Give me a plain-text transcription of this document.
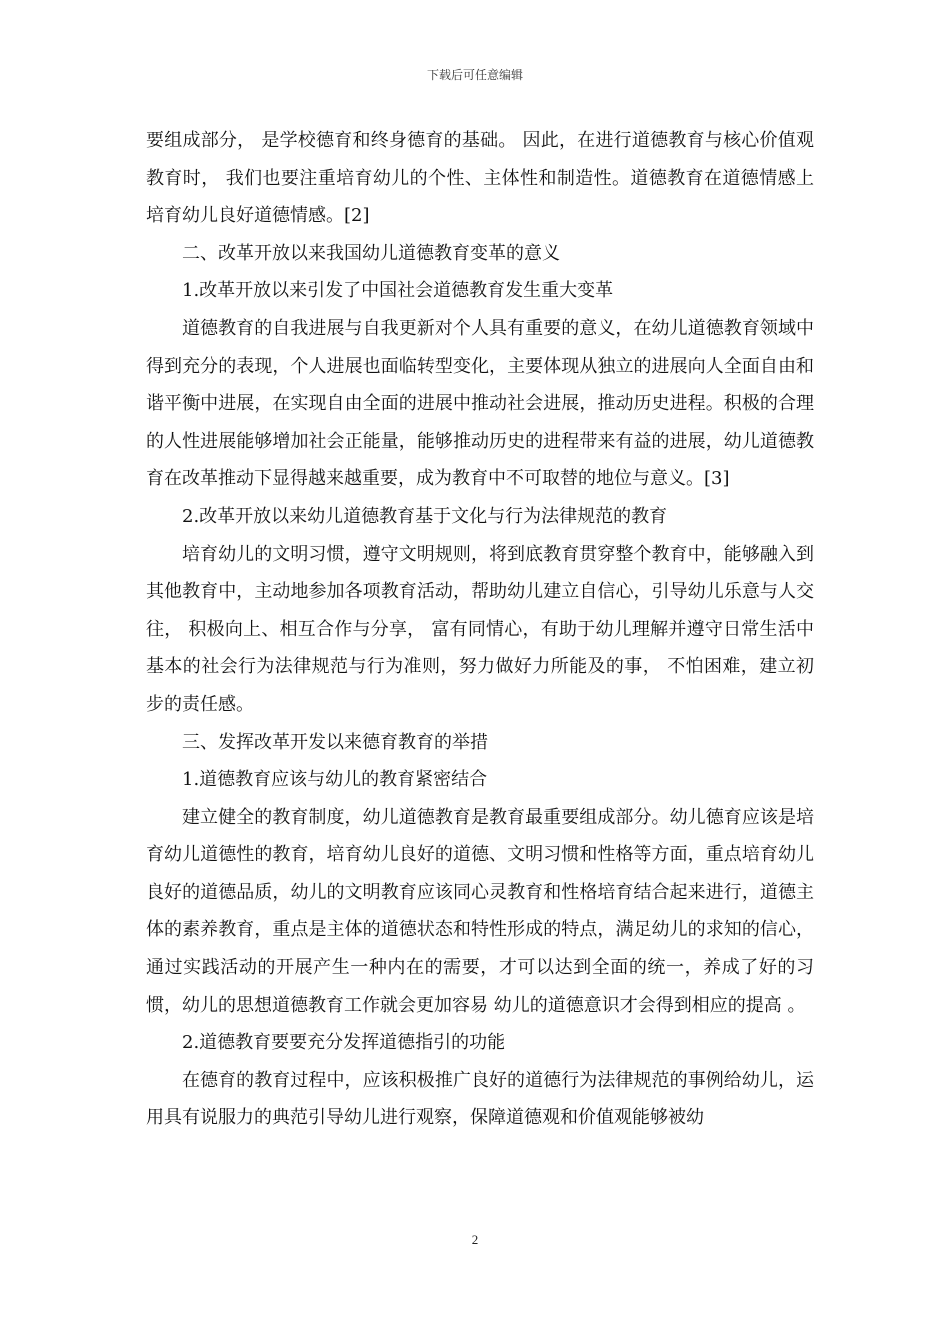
下载后可任意编辑

要组成部分， 是学校德育和终身德育的基础。 因此，在进行道德教育与核心价值观教育时， 我们也要注重培育幼儿的个性、主体性和制造性。道德教育在道德情感上培育幼儿良好道德情感。[2]

二、改革开放以来我国幼儿道德教育变革的意义

1.改革开放以来引发了中国社会道德教育发生重大变革

道德教育的自我进展与自我更新对个人具有重要的意义，在幼儿道德教育领域中得到充分的表现，个人进展也面临转型变化，主要体现从独立的进展向人全面自由和谐平衡中进展，在实现自由全面的进展中推动社会进展，推动历史进程。积极的合理的人性进展能够增加社会正能量，能够推动历史的进程带来有益的进展，幼儿道德教育在改革推动下显得越来越重要，成为教育中不可取替的地位与意义。[3]

2.改革开放以来幼儿道德教育基于文化与行为法律规范的教育

培育幼儿的文明习惯，遵守文明规则，将到底教育贯穿整个教育中，能够融入到其他教育中，主动地参加各项教育活动，帮助幼儿建立自信心，引导幼儿乐意与人交往， 积极向上、相互合作与分享， 富有同情心，有助于幼儿理解并遵守日常生活中基本的社会行为法律规范与行为准则，努力做好力所能及的事， 不怕困难，建立初步的责任感。

三、发挥改革开发以来德育教育的举措

1.道德教育应该与幼儿的教育紧密结合

建立健全的教育制度，幼儿道德教育是教育最重要组成部分。幼儿德育应该是培育幼儿道德性的教育，培育幼儿良好的道德、文明习惯和性格等方面，重点培育幼儿良好的道德品质，幼儿的文明教育应该同心灵教育和性格培育结合起来进行，道德主体的素养教育，重点是主体的道德状态和特性形成的特点，满足幼儿的求知的信心，通过实践活动的开展产生一种内在的需要，才可以达到全面的统一，养成了好的习惯，幼儿的思想道德教育工作就会更加容易 幼儿的道德意识才会得到相应的提高 。

2.道德教育要要充分发挥道德指引的功能

在德育的教育过程中，应该积极推广良好的道德行为法律规范的事例给幼儿，运用具有说服力的典范引导幼儿进行观察，保障道德观和价值观能够被幼

2
